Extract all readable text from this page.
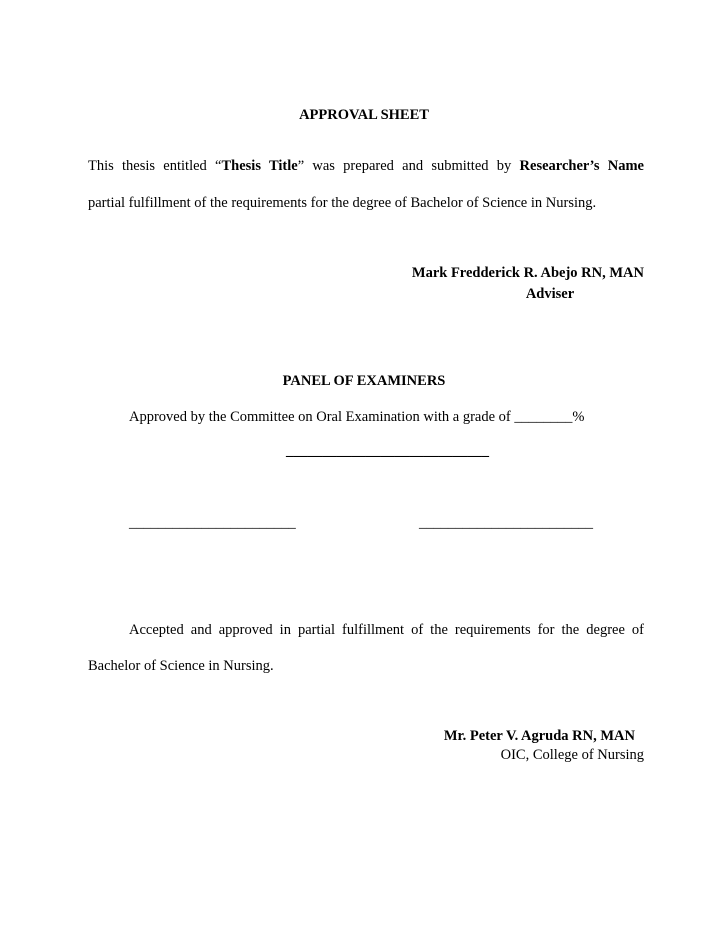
APPROVAL SHEET
This thesis entitled “Thesis Title” was prepared and submitted by Researcher’s Name
partial fulfillment of the requirements for the degree of Bachelor of Science in Nursing.
Mark Fredderick R. Abejo RN, MAN
Adviser
PANEL OF EXAMINERS
Approved by the Committee on Oral Examination with a grade of ________%
____________________________
_______________________	________________________
Accepted and approved in partial fulfillment of the requirements for the degree of
Bachelor of Science in Nursing.
Mr. Peter V. Agruda RN, MAN
OIC, College of Nursing
